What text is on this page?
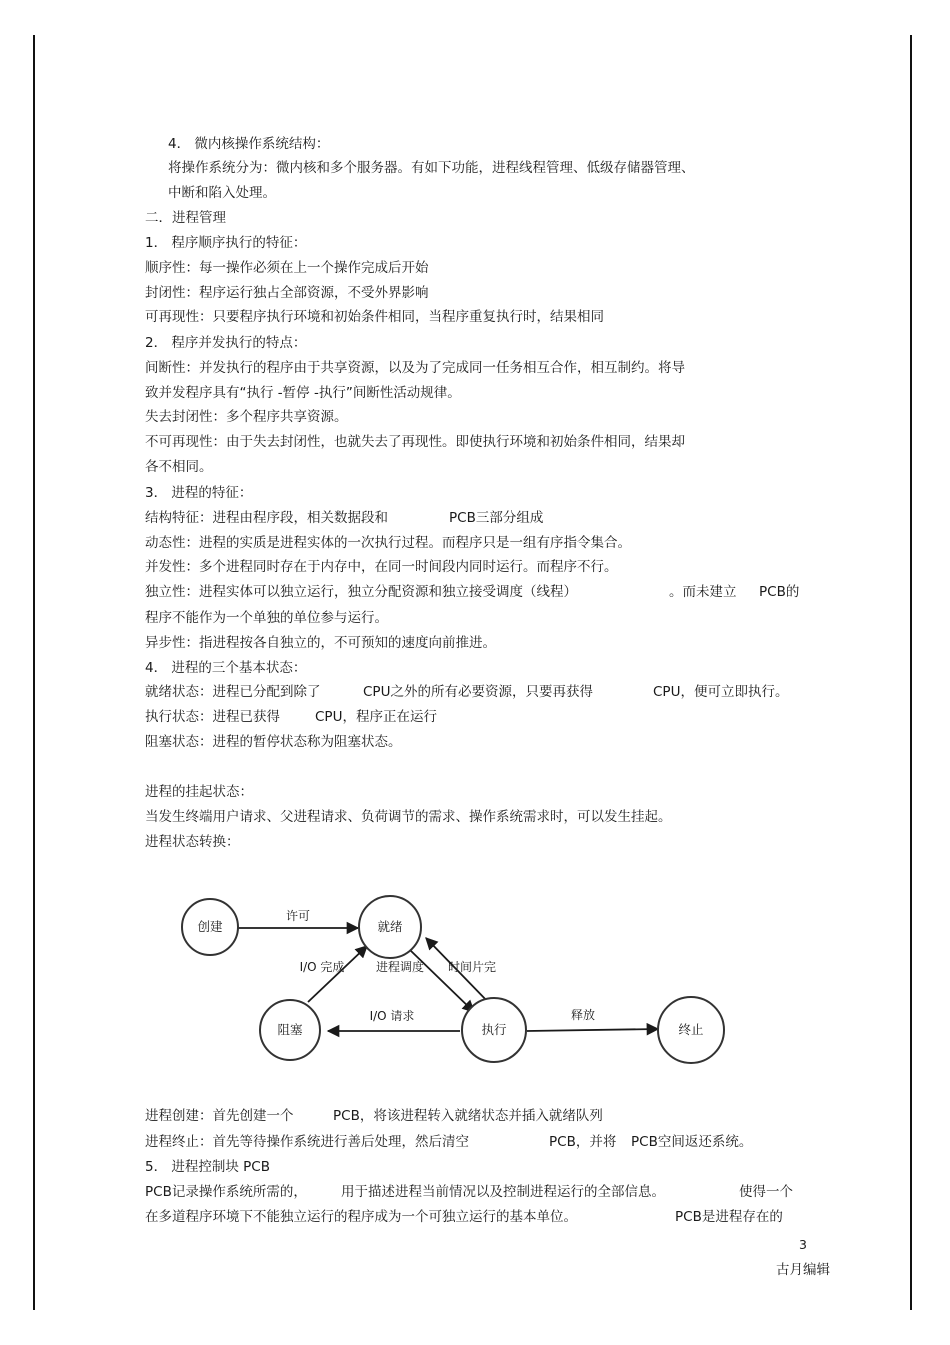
4． 微内核操作系统结构：
将操作系统分为：微内核和多个服务器。有如下功能，进程线程管理、低级存储器管理、
中断和陷入处理。
二．进程管理
1． 程序顺序执行的特征：
顺序性：每一操作必须在上一个操作完成后开始
封闭性：程序运行独占全部资源，不受外界影响
可再现性：只要程序执行环境和初始条件相同，当程序重复执行时，结果相同
2． 程序并发执行的特点：
间断性：并发执行的程序由于共享资源，以及为了完成同一任务相互合作，相互制约。将导
致并发程序具有“执行 -暂停 -执行”间断性活动规律。
失去封闭性：多个程序共享资源。
不可再现性：由于失去封闭性，也就失去了再现性。即使执行环境和初始条件相同，结果却
各不相同。
3． 进程的特征：
结构特征：进程由程序段，相关数据段和	PCB三部分组成
动态性：进程的实质是进程实体的一次执行过程。而程序只是一组有序指令集合。
并发性：多个进程同时存在于内存中，在同一时间段内同时运行。而程序不行。
独立性：进程实体可以独立运行，独立分配资源和独立接受调度（线程）	。而未建立 PCB的
程序不能作为一个单独的单位参与运行。
异步性：指进程按各自独立的，不可预知的速度向前推进。
4． 进程的三个基本状态：
就绪状态：进程已分配到除了	CPU之外的所有必要资源，只要再获得	CPU，便可立即执行。
执行状态：进程已获得	CPU，程序正在运行
阻塞状态：进程的暂停状态称为阻塞状态。
进程的挂起状态：
当发生终端用户请求、父进程请求、负荷调节的需求、操作系统需求时，可以发生挂起。
进程状态转换：
创建	就绪
阻塞	执行	终止
许可
I/O 完成	进程调度 时间片完
I/O 请求	释放
进程创建：首先创建一个	PCB，将该进程转入就绪状态并插入就绪队列
进程终止：首先等待操作系统进行善后处理，然后清空	PCB，并将 PCB空间返还系统。
5． 进程控制块 PCB
PCB记录操作系统所需的，	用于描述进程当前情况以及控制进程运行的全部信息。	使得一个
在多道程序环境下不能独立运行的程序成为一个可独立运行的基本单位。	PCB是进程存在的
3
古月编辑
